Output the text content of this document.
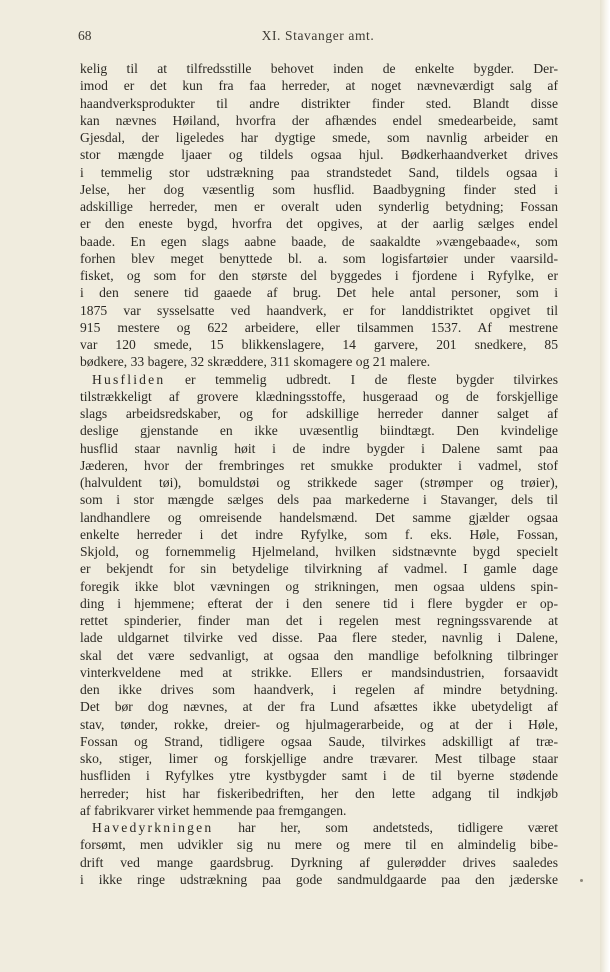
68	XI. Stavanger amt.
kelig til at tilfredsstille behovet inden de enkelte bygder. Der-
imod er det kun fra faa herreder, at noget nævneværdigt salg af
haandverksprodukter til andre distrikter finder sted. Blandt disse
kan nævnes Høiland, hvorfra der afhændes endel smedearbeide, samt
Gjesdal, der ligeledes har dygtige smede, som navnlig arbeider en
stor mængde ljaaer og tildels ogsaa hjul. Bødkerhaandverket drives
i temmelig stor udstrækning paa strandstedet Sand, tildels ogsaa i
Jelse, her dog væsentlig som husflid. Baadbygning finder sted i
adskillige herreder, men er overalt uden synderlig betydning; Fossan
er den eneste bygd, hvorfra det opgives, at der aarlig sælges endel
baade. En egen slags aabne baade, de saakaldte »vængebaade«, som
forhen blev meget benyttede bl. a. som logisfartøier under vaarsild-
fisket, og som for den største del byggedes i fjordene i Ryfylke, er
i den senere tid gaaede af brug. Det hele antal personer, som i
1875 var sysselsatte ved haandverk, er for landdistriktet opgivet til
915 mestere og 622 arbeidere, eller tilsammen 1537. Af mestrene
var 120 smede, 15 blikkenslagere, 14 garvere, 201 snedkere, 85
bødkere, 33 bagere, 32 skræddere, 311 skomagere og 21 malere.
Husfliden er temmelig udbredt. I de fleste bygder tilvirkes
tilstrækkeligt af grovere klædningsstoffe, husgeraad og de forskjellige
slags arbeidsredskaber, og for adskillige herreder danner salget af
deslige gjenstande en ikke uvæsentlig biindtægt. Den kvindelige
husflid staar navnlig høit i de indre bygder i Dalene samt paa
Jæderen, hvor der frembringes ret smukke produkter i vadmel, stof
(halvuldent tøi), bomuldstøi og strikkede sager (strømper og trøier),
som i stor mængde sælges dels paa markederne i Stavanger, dels til
landhandlere og omreisende handelsmænd. Det samme gjælder ogsaa
enkelte herreder i det indre Ryfylke, som f. eks. Høle, Fossan,
Skjold, og fornemmelig Hjelmeland, hvilken sidstnævnte bygd specielt
er bekjendt for sin betydelige tilvirkning af vadmel. I gamle dage
foregik ikke blot vævningen og strikningen, men ogsaa uldens spin-
ding i hjemmene; efterat der i den senere tid i flere bygder er op-
rettet spinderier, finder man det i regelen mest regningssvarende at
lade uldgarnet tilvirke ved disse. Paa flere steder, navnlig i Dalene,
skal det være sedvanligt, at ogsaa den mandlige befolkning tilbringer
vinterkveldene med at strikke. Ellers er mandsindustrien, forsaavidt
den ikke drives som haandverk, i regelen af mindre betydning.
Det bør dog nævnes, at der fra Lund afsættes ikke ubetydeligt af
stav, tønder, rokke, dreier- og hjulmagerarbeide, og at der i Høle,
Fossan og Strand, tidligere ogsaa Saude, tilvirkes adskilligt af træ-
sko, stiger, limer og forskjellige andre trævarer. Mest tilbage staar
husfliden i Ryfylkes ytre kystbygder samt i de til byerne stødende
herreder; hist har fiskeribedriften, her den lette adgang til indkjøb
af fabrikvarer virket hemmende paa fremgangen.
Havedyrkningen har her, som andetsteds, tidligere været
forsømt, men udvikler sig nu mere og mere til en almindelig bibe-
drift ved mange gaardsbrug. Dyrkning af gulerødder drives saaledes
i ikke ringe udstrækning paa gode sandmuldgaarde paa den jæderske
